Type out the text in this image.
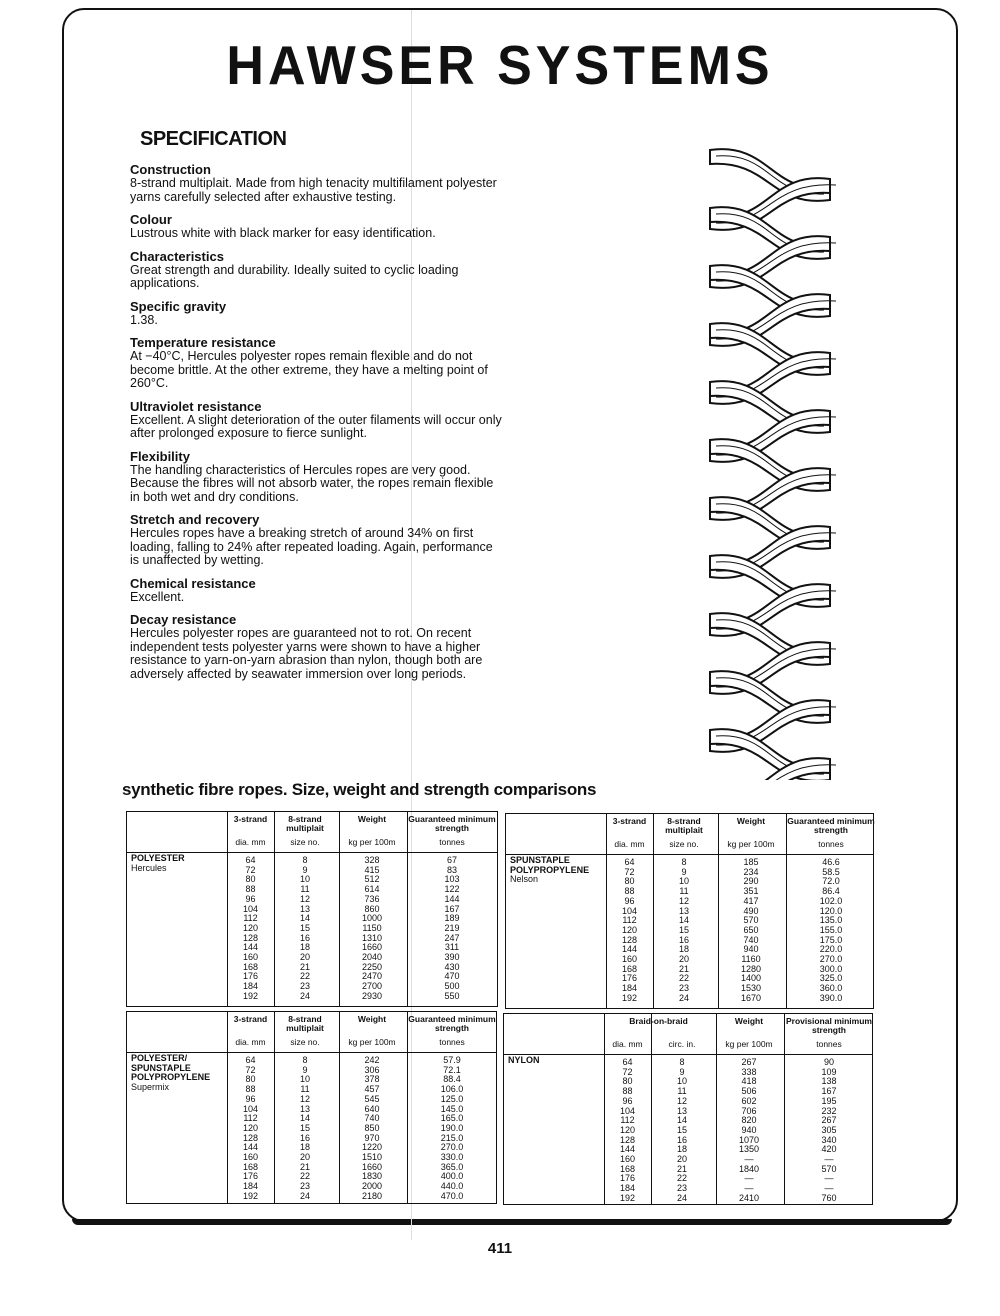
HAWSER SYSTEMS
SPECIFICATION
Construction

8-strand multiplait. Made from high tenacity multifilament polyester yarns carefully selected after exhaustive testing.

Colour

Lustrous white with black marker for easy identification.

Characteristics

Great strength and durability. Ideally suited to cyclic loading applications.

Specific gravity

1.38.

Temperature resistance

At −40°C, Hercules polyester ropes remain flexible and do not become brittle. At the other extreme, they have a melting point of 260°C.

Ultraviolet resistance

Excellent. A slight deterioration of the outer filaments will occur only after prolonged exposure to fierce sunlight.

Flexibility

The handling characteristics of Hercules ropes are very good. Because the fibres will not absorb water, the ropes remain flexible in both wet and dry conditions.

Stretch and recovery

Hercules ropes have a breaking stretch of around 34% on first loading, falling to 24% after repeated loading. Again, performance is unaffected by wetting.

Chemical resistance

Excellent.

Decay resistance

Hercules polyester ropes are guaranteed not to rot. On recent independent tests polyester yarns were shown to have a higher resistance to yarn-on-yarn abrasion than nylon, though both are adversely affected by seawater immersion over long periods.

synthetic fibre ropes. Size, weight and strength comparisons
POLYESTER
Hercules
3-strand
dia. mm
64
72
80
88
96
104
112
120
128
144
160
168
176
184
192
8-strand multiplait
size no.
8
9
10
11
12
13
14
15
16
18
20
21
22
23
24
Weight
kg per 100m
328
415
512
614
736
860
1000
1150
1310
1660
2040
2250
2470
2700
2930
Guaranteed minimum strength
tonnes
67
83
103
122
144
167
189
219
247
311
390
430
470
500
550
SPUNSTAPLE POLYPROPYLENE
Nelson
3-strand
dia. mm
64
72
80
88
96
104
112
120
128
144
160
168
176
184
192
8-strand multiplait
size no.
8
9
10
11
12
13
14
15
16
18
20
21
22
23
24
Weight
kg per 100m
185
234
290
351
417
490
570
650
740
940
1160
1280
1400
1530
1670
Guaranteed minimum strength
tonnes
46.6
58.5
72.0
86.4
102.0
120.0
135.0
155.0
175.0
220.0
270.0
300.0
325.0
360.0
390.0
POLYESTER/ SPUNSTAPLE POLYPROPYLENE
Supermix
3-strand
dia. mm
64
72
80
88
96
104
112
120
128
144
160
168
176
184
192
8-strand multiplait
size no.
8
9
10
11
12
13
14
15
16
18
20
21
22
23
24
Weight
kg per 100m
242
306
378
457
545
640
740
850
970
1220
1510
1660
1830
2000
2180
Guaranteed minimum strength
tonnes
57.9
72.1
88.4
106.0
125.0
145.0
165.0
190.0
215.0
270.0
330.0
365.0
400.0
440.0
470.0
NYLON
Braid-on-braid
dia. mm
64
72
80
88
96
104
112
120
128
144
160
168
176
184
192
circ. in.
8
9
10
11
12
13
14
15
16
18
20
21
22
23
24
Weight
kg per 100m
267
338
418
506
602
706
820
940
1070
1350
—
1840
—
—
2410
Provisional minimum strength
tonnes
90
109
138
167
195
232
267
305
340
420
—
570
—
—
760
411
